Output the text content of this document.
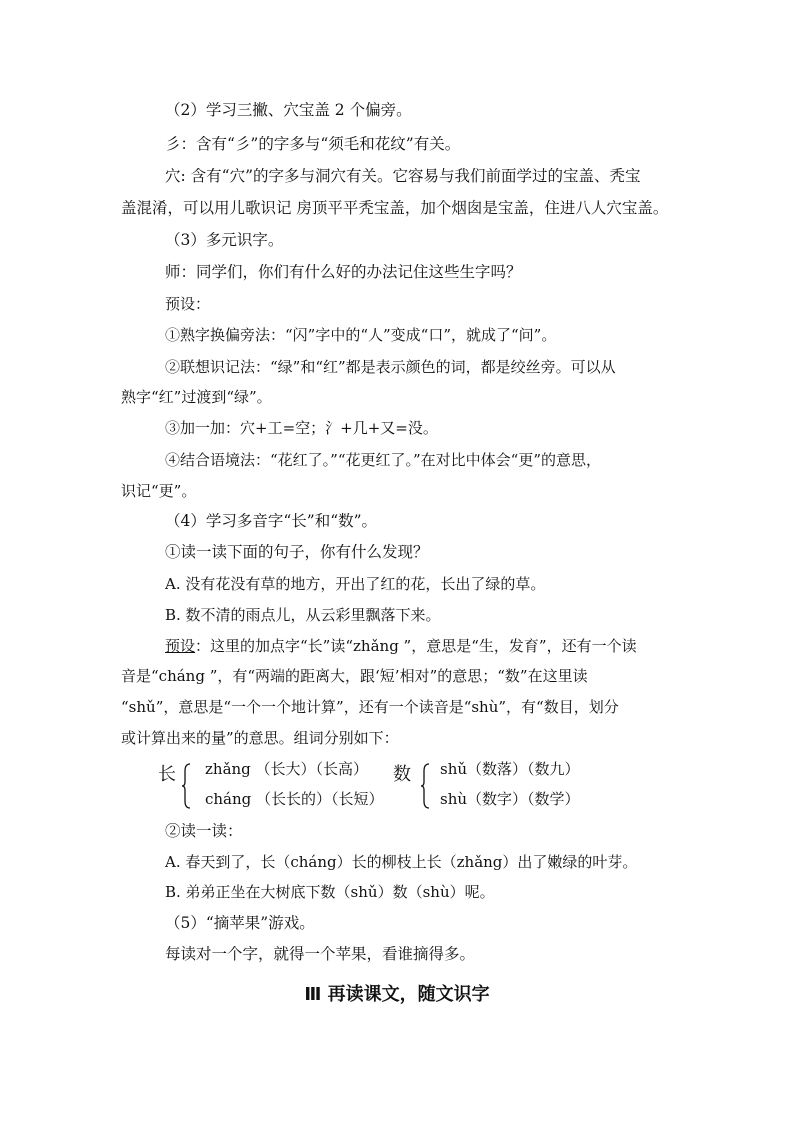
（2）学习三撇、穴宝盖 2 个偏旁。
彡：含有“彡”的字多与“须毛和花纹”有关。
穴: 含有“穴”的字多与洞穴有关。它容易与我们前面学过的宝盖、秃宝
盖混淆，可以用儿歌识记 房顶平平秃宝盖，加个烟囱是宝盖，住进八人穴宝盖。
（3）多元识字。
师：同学们，你们有什么好的办法记住这些生字吗？
预设：
①熟字换偏旁法：“闪”字中的“人”变成“口”，就成了“问”。
②联想识记法：“绿”和“红”都是表示颜色的词，都是绞丝旁。可以从
熟字“红”过渡到“绿”。
③加一加：穴+工=空；氵+几+又=没。
④结合语境法：“花红了。”“花更红了。”在对比中体会“更”的意思，
识记“更”。
（4）学习多音字“长”和“数”。
①读一读下面的句子，你有什么发现？
A. 没有花没有草的地方，开出了红的花，长出了绿的草。
B. 数不清的雨点儿，从云彩里飘落下来。
预设：这里的加点字“长”读“zhǎng ”，意思是“生，发育”，还有一个读
音是“cháng ”，有“两端的距离大，跟‘短’相对”的意思；“数”在这里读
“shǔ”，意思是“一个一个地计算”，还有一个读音是“shù”，有“数目，划分
或计算出来的量”的意思。组词分别如下：
长 zhǎng （长大）（长高）
cháng （长长的）（长短）
数 shǔ（数落）（数九）
shù（数字）（数学）
②读一读：
A. 春天到了，长（cháng）长的柳枝上长（zhǎng）出了嫩绿的叶芽。
B. 弟弟正坐在大树底下数（shǔ）数（shù）呢。
（5）“摘苹果”游戏。
每读对一个字，就得一个苹果，看谁摘得多。
Ⅲ 再读课文，随文识字
